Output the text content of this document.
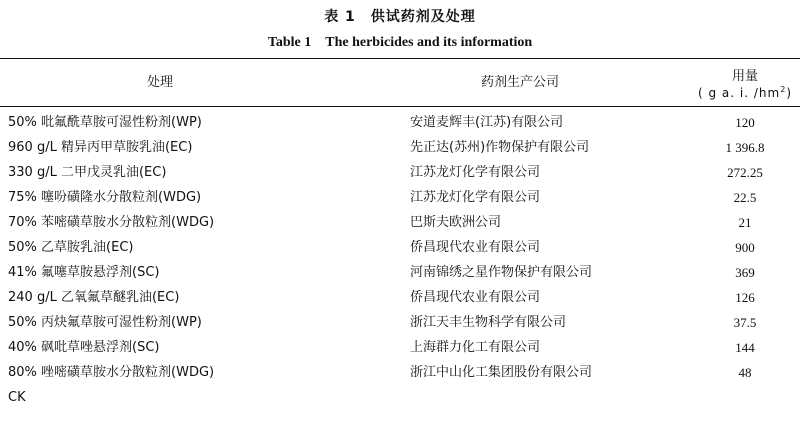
表 1　供试药剂及处理
Table 1　The herbicides and its information
处理	药剂生产公司	用量
( g a. i. $/hm^2$)
50% 吡氟酰草胺可湿性粉剂(WP)	安道麦辉丰(江苏)有限公司	120
960 g/L 精异丙甲草胺乳油(EC)	先正达(苏州)作物保护有限公司	1 396.8
330 g/L 二甲戊灵乳油(EC)	江苏龙灯化学有限公司	272.25
75% 噻吩磺隆水分散粒剂(WDG)	江苏龙灯化学有限公司	22.5
70% 苯嘧磺草胺水分散粒剂(WDG)	巴斯夫欧洲公司	21
50% 乙草胺乳油(EC)	侨昌现代农业有限公司	900
41% 氟噻草胺悬浮剂(SC)	河南锦绣之星作物保护有限公司	369
240 g/L 乙氧氟草醚乳油(EC)	侨昌现代农业有限公司	126
50% 丙炔氟草胺可湿性粉剂(WP)	浙江天丰生物科学有限公司	37.5
40% 砜吡草唑悬浮剂(SC)	上海群力化工有限公司	144
80% 唑嘧磺草胺水分散粒剂(WDG)	浙江中山化工集团股份有限公司	48
CK
